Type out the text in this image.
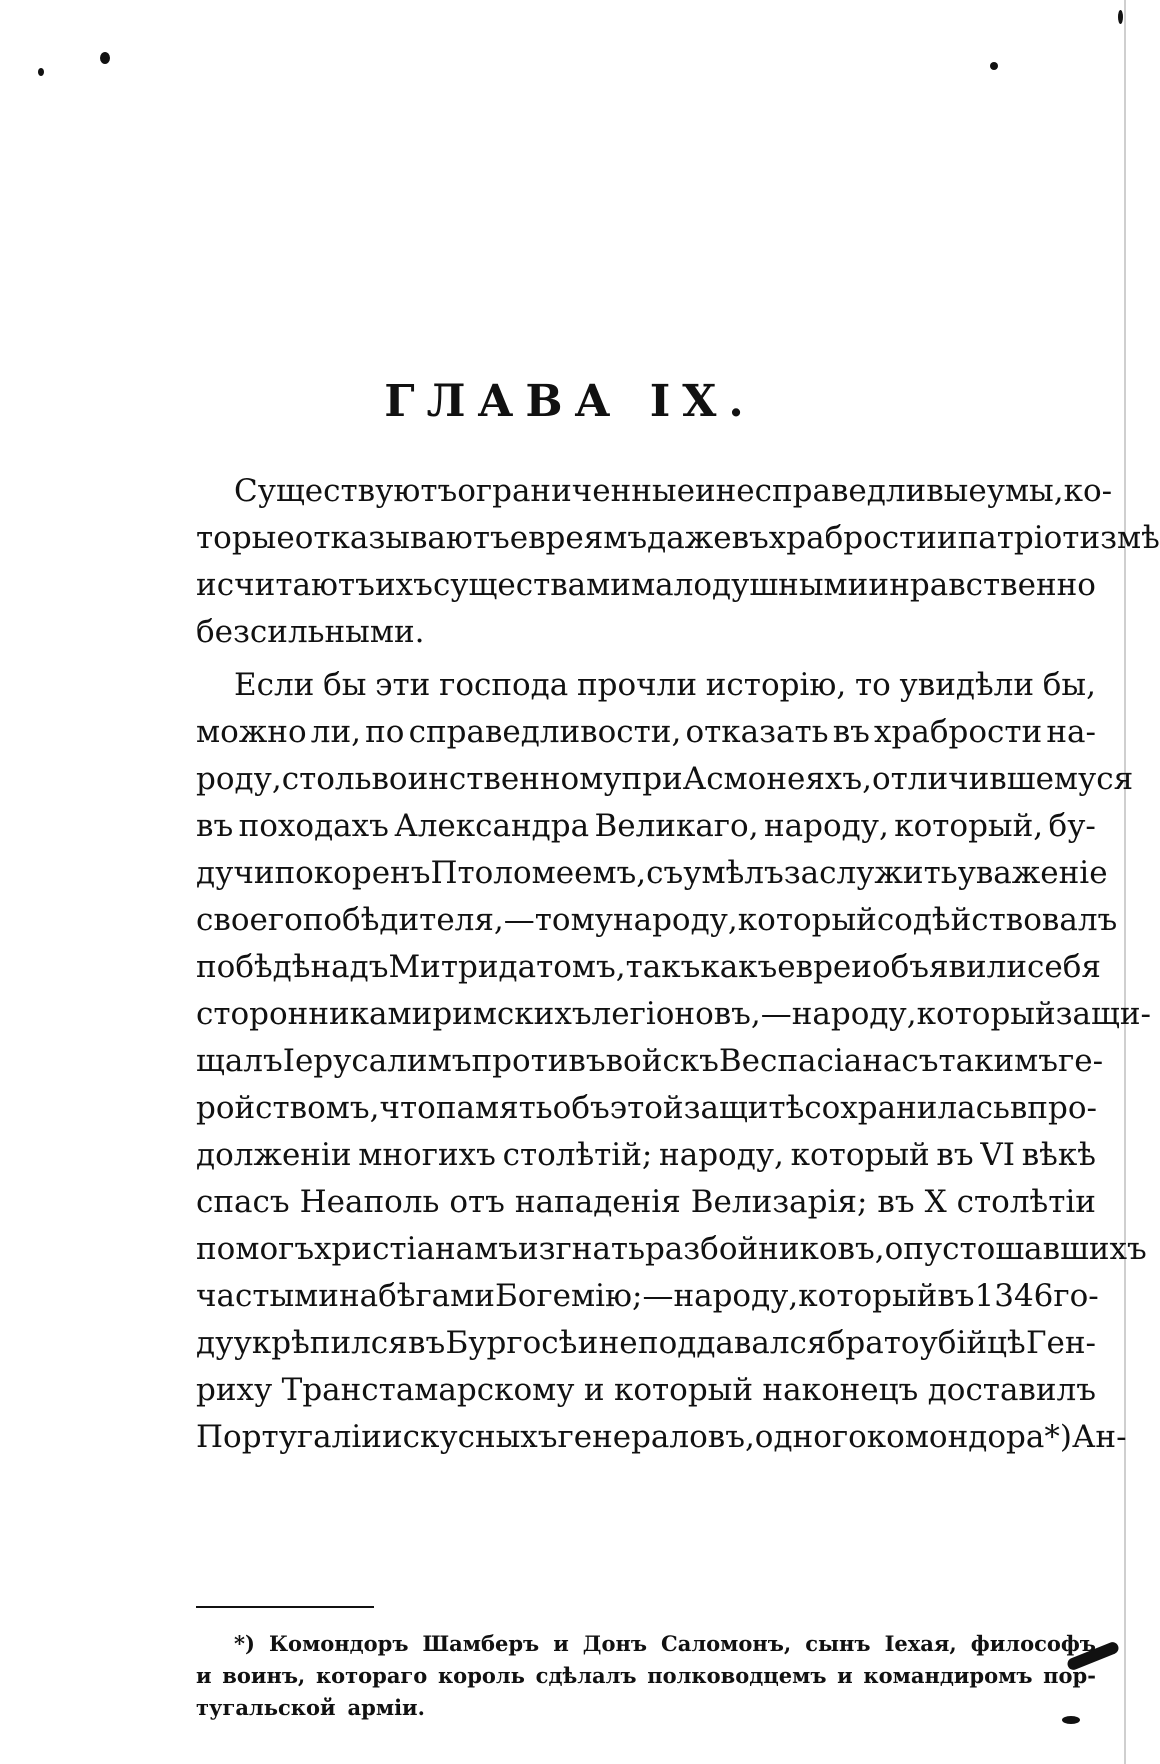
ГЛАВА IX.
Существуютъ ограниченные и несправедливые умы, ко-
торые отказываютъ евреямъ даже въ храбрости и патріотизмѣ
и считаютъ ихъ существами малодушными и нравственно
безсильными.
Если бы эти господа прочли исторію, то увидѣли бы,
можно ли, по справедливости, отказать въ храбрости на-
роду, столь воинственному при Асмонеяхъ, отличившемуся
въ походахъ Александра Великаго, народу, который, бу-
дучи покоренъ Птоломеемъ, съумѣлъ заслужить уваженіе
своего побѣдителя, — тому народу, который содѣйствовалъ
побѣдѣ надъ Митридатомъ, такъ какъ евреи объявили себя
сторонниками римскихъ легіоновъ, — народу, который защи-
щалъ Іерусалимъ противъ войскъ Веспасіана съ такимъ ге-
ройствомъ, что память объ этой защитѣ сохранилась впро-
долженіи многихъ столѣтій; народу, который въ VI вѣкѣ
спасъ Неаполь отъ нападенія Велизарія; въ X столѣтіи
помогъ христіанамъ изгнать разбойниковъ, опустошавшихъ
частыми набѣгами Богемію; — народу, который въ 1346 го-
ду укрѣпился въ Бургосѣ и не поддавался братоубійцѣ Ген-
риху Транстамарскому и который наконецъ доставилъ
Португаліи искусныхъ генераловъ, одного комондора *) Ан-
*) Комондоръ Шамберъ и Донъ Саломонъ, сынъ Іехая, философъ
и воинъ, котораго король сдѣлалъ полководцемъ и командиромъ пор-
тугальской арміи.
